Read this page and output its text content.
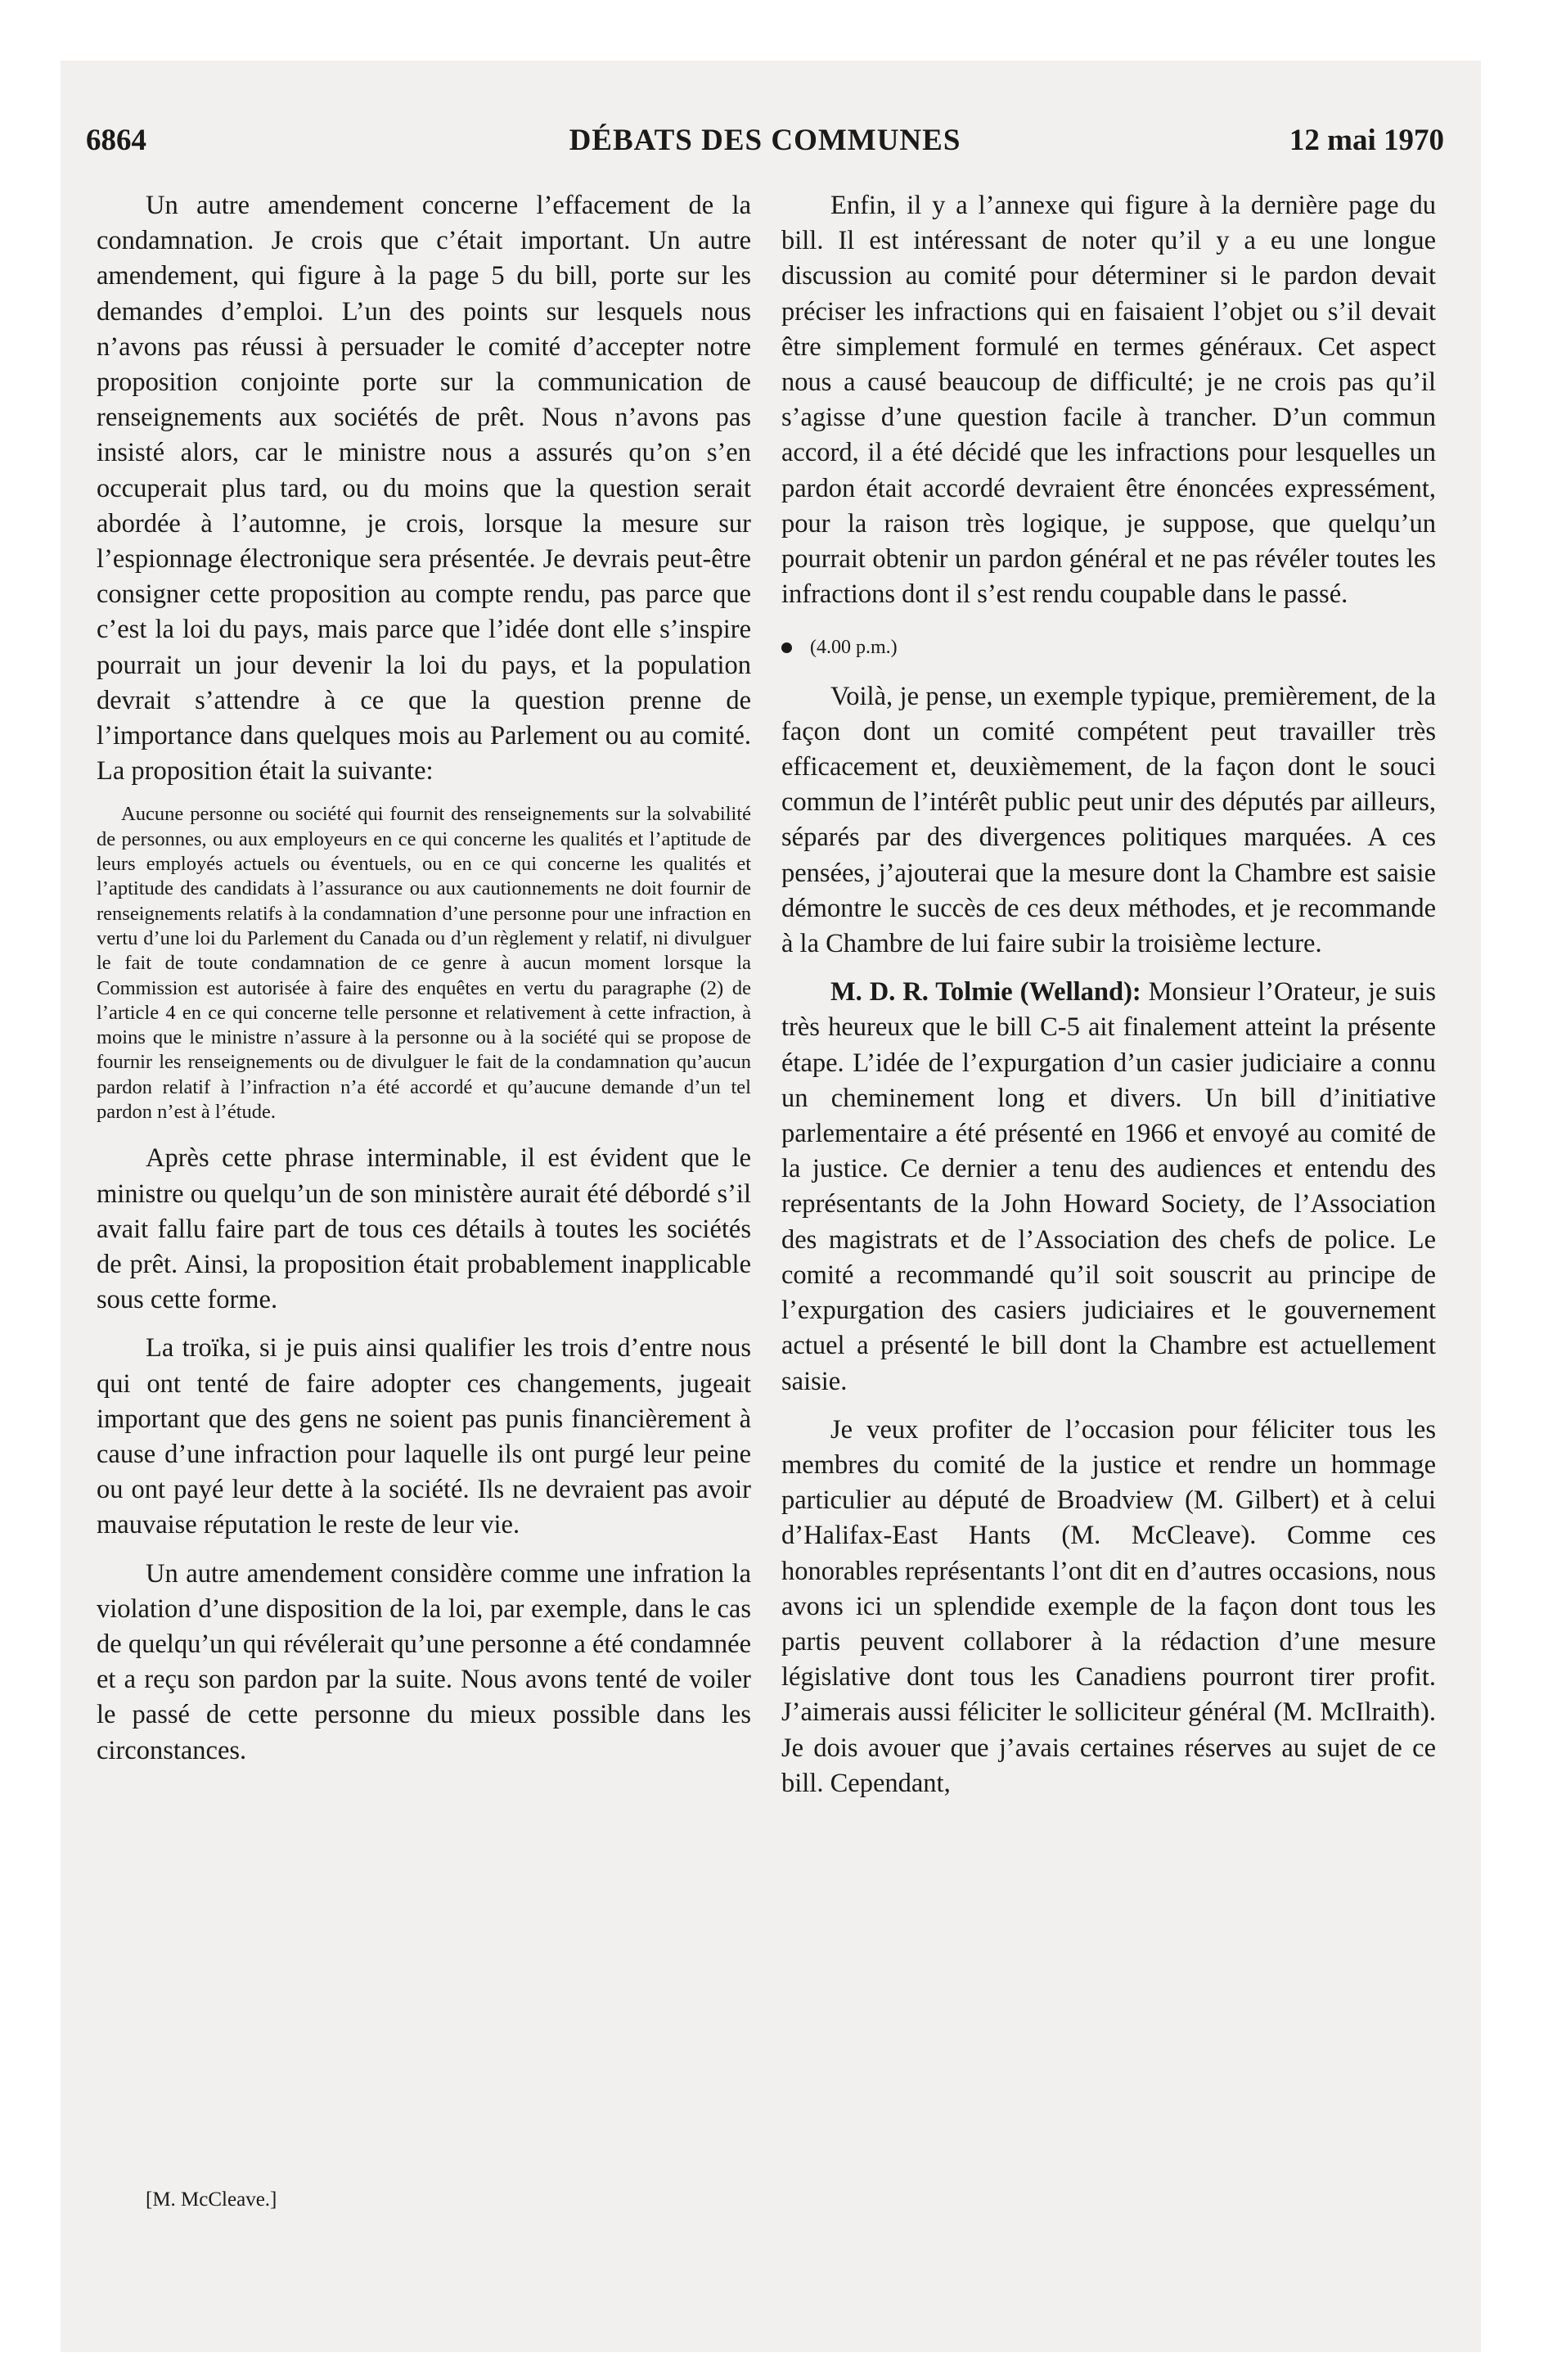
6864	DÉBATS DES COMMUNES	12 mai 1970

Un autre amendement concerne l’effacement de la condamnation. Je crois que c’était important. Un autre amendement, qui figure à la page 5 du bill, porte sur les demandes d’emploi. L’un des points sur lesquels nous n’avons pas réussi à persuader le comité d’accepter notre proposition conjointe porte sur la communication de renseignements aux sociétés de prêt. Nous n’avons pas insisté alors, car le ministre nous a assurés qu’on s’en occuperait plus tard, ou du moins que la question serait abordée à l’automne, je crois, lorsque la mesure sur l’espionnage électronique sera présentée. Je devrais peut-être consigner cette proposition au compte rendu, pas parce que c’est la loi du pays, mais parce que l’idée dont elle s’inspire pourrait un jour devenir la loi du pays, et la population devrait s’attendre à ce que la question prenne de l’importance dans quelques mois au Parlement ou au comité. La proposition était la suivante:

Aucune personne ou société qui fournit des renseignements sur la solvabilité de personnes, ou aux employeurs en ce qui concerne les qualités et l’aptitude de leurs employés actuels ou éventuels, ou en ce qui concerne les qualités et l’aptitude des candidats à l’assurance ou aux cautionnements ne doit fournir de renseignements relatifs à la condamnation d’une personne pour une infraction en vertu d’une loi du Parlement du Canada ou d’un règlement y relatif, ni divulguer le fait de toute condamnation de ce genre à aucun moment lorsque la Commission est autorisée à faire des enquêtes en vertu du paragraphe (2) de l’article 4 en ce qui concerne telle personne et relativement à cette infraction, à moins que le ministre n’assure à la personne ou à la société qui se propose de fournir les renseignements ou de divulguer le fait de la condamnation qu’aucun pardon relatif à l’infraction n’a été accordé et qu’aucune demande d’un tel pardon n’est à l’étude.

Après cette phrase interminable, il est évident que le ministre ou quelqu’un de son ministère aurait été débordé s’il avait fallu faire part de tous ces détails à toutes les sociétés de prêt. Ainsi, la proposition était probablement inapplicable sous cette forme.

La troïka, si je puis ainsi qualifier les trois d’entre nous qui ont tenté de faire adopter ces changements, jugeait important que des gens ne soient pas punis financièrement à cause d’une infraction pour laquelle ils ont purgé leur peine ou ont payé leur dette à la société. Ils ne devraient pas avoir mauvaise réputation le reste de leur vie.

Un autre amendement considère comme une infration la violation d’une disposition de la loi, par exemple, dans le cas de quelqu’un qui révélerait qu’une personne a été condamnée et a reçu son pardon par la suite. Nous avons tenté de voiler le passé de cette personne du mieux possible dans les circonstances.

[M. McCleave.]

Enfin, il y a l’annexe qui figure à la dernière page du bill. Il est intéressant de noter qu’il y a eu une longue discussion au comité pour déterminer si le pardon devait préciser les infractions qui en faisaient l’objet ou s’il devait être simplement formulé en termes généraux. Cet aspect nous a causé beaucoup de difficulté; je ne crois pas qu’il s’agisse d’une question facile à trancher. D’un commun accord, il a été décidé que les infractions pour lesquelles un pardon était accordé devraient être énoncées expressément, pour la raison très logique, je suppose, que quelqu’un pourrait obtenir un pardon général et ne pas révéler toutes les infractions dont il s’est rendu coupable dans le passé.

(4.00 p.m.)

Voilà, je pense, un exemple typique, premièrement, de la façon dont un comité compétent peut travailler très efficacement et, deuxièmement, de la façon dont le souci commun de l’intérêt public peut unir des députés par ailleurs, séparés par des divergences politiques marquées. A ces pensées, j’ajouterai que la mesure dont la Chambre est saisie démontre le succès de ces deux méthodes, et je recommande à la Chambre de lui faire subir la troisième lecture.

M. D. R. Tolmie (Welland): Monsieur l’Orateur, je suis très heureux que le bill C-5 ait finalement atteint la présente étape. L’idée de l’expurgation d’un casier judiciaire a connu un cheminement long et divers. Un bill d’initiative parlementaire a été présenté en 1966 et envoyé au comité de la justice. Ce dernier a tenu des audiences et entendu des représentants de la John Howard Society, de l’Association des magistrats et de l’Association des chefs de police. Le comité a recommandé qu’il soit souscrit au principe de l’expurgation des casiers judiciaires et le gouvernement actuel a présenté le bill dont la Chambre est actuellement saisie.

Je veux profiter de l’occasion pour féliciter tous les membres du comité de la justice et rendre un hommage particulier au député de Broadview (M. Gilbert) et à celui d’Halifax-East Hants (M. McCleave). Comme ces honorables représentants l’ont dit en d’autres occasions, nous avons ici un splendide exemple de la façon dont tous les partis peuvent collaborer à la rédaction d’une mesure législative dont tous les Canadiens pourront tirer profit. J’aimerais aussi féliciter le solliciteur général (M. McIlraith). Je dois avouer que j’avais certaines réserves au sujet de ce bill. Cependant,
